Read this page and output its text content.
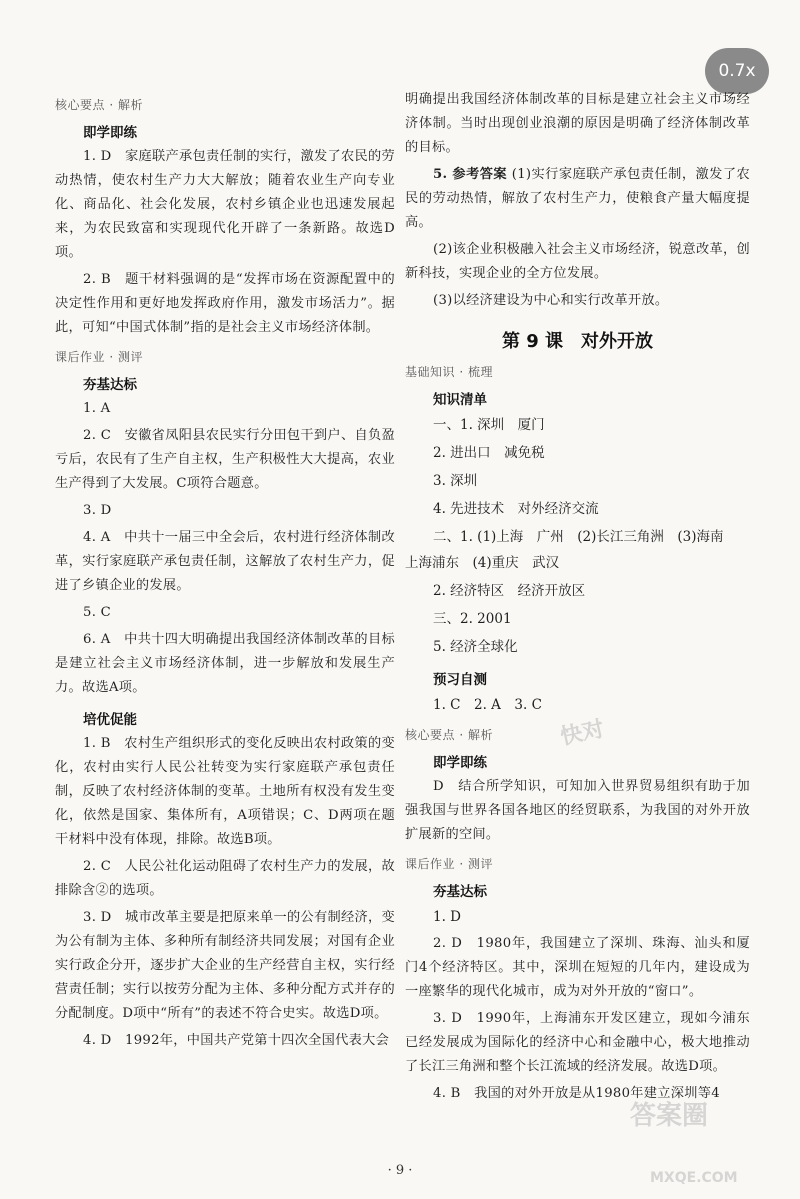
0.7x
核心要点 · 解析
即学即练

1. D　家庭联产承包责任制的实行，激发了农民的劳动热情，使农村生产力大大解放；随着农业生产向专业化、商品化、社会化发展，农村乡镇企业也迅速发展起来，为农民致富和实现现代化开辟了一条新路。故选D项。

2. B　题干材料强调的是“发挥市场在资源配置中的决定性作用和更好地发挥政府作用，激发市场活力”。据此，可知“中国式体制”指的是社会主义市场经济体制。

课后作业 · 测评
夯基达标

1. A

2. C　安徽省凤阳县农民实行分田包干到户、自负盈亏后，农民有了生产自主权，生产积极性大大提高，农业生产得到了大发展。C项符合题意。

3. D

4. A　中共十一届三中全会后，农村进行经济体制改革，实行家庭联产承包责任制，这解放了农村生产力，促进了乡镇企业的发展。

5. C

6. A　中共十四大明确提出我国经济体制改革的目标是建立社会主义市场经济体制，进一步解放和发展生产力。故选A项。

培优促能

1. B　农村生产组织形式的变化反映出农村政策的变化，农村由实行人民公社转变为实行家庭联产承包责任制，反映了农村经济体制的变革。土地所有权没有发生变化，依然是国家、集体所有，A项错误；C、D两项在题干材料中没有体现，排除。故选B项。

2. C　人民公社化运动阻碍了农村生产力的发展，故排除含②的选项。

3. D　城市改革主要是把原来单一的公有制经济，变为公有制为主体、多种所有制经济共同发展；对国有企业实行政企分开，逐步扩大企业的生产经营自主权，实行经营责任制；实行以按劳分配为主体、多种分配方式并存的分配制度。D项中“所有”的表述不符合史实。故选D项。

4. D　1992年，中国共产党第十四次全国代表大会

明确提出我国经济体制改革的目标是建立社会主义市场经济体制。当时出现创业浪潮的原因是明确了经济体制改革的目标。

5. 参考答案 (1)实行家庭联产承包责任制，激发了农民的劳动热情，解放了农村生产力，使粮食产量大幅度提高。

(2)该企业积极融入社会主义市场经济，锐意改革，创新科技，实现企业的全方位发展。

(3)以经济建设为中心和实行改革开放。

第 9 课　对外开放
基础知识 · 梳理
知识清单
一、1. 深圳　厦门
2. 进出口　减免税
3. 深圳
4. 先进技术　对外经济交流
二、1. (1)上海　广州　(2)长江三角洲　(3)海南　上海浦东　(4)重庆　武汉
2. 经济特区　经济开放区
三、2. 2001
5. 经济全球化
预习自测
1. C　2. A　3. C
核心要点 · 解析
即学即练

D　结合所学知识，可知加入世界贸易组织有助于加强我国与世界各国各地区的经贸联系，为我国的对外开放扩展新的空间。

课后作业 · 测评
夯基达标
1. D

2. D　1980年，我国建立了深圳、珠海、汕头和厦门4个经济特区。其中，深圳在短短的几年内，建设成为一座繁华的现代化城市，成为对外开放的“窗口”。

3. D　1990年，上海浦东开发区建立，现如今浦东已经发展成为国际化的经济中心和金融中心，极大地推动了长江三角洲和整个长江流域的经济发展。故选D项。

4. B　我国的对外开放是从1980年建立深圳等4

快对
答案圈
MXQE.COM
· 9 ·
